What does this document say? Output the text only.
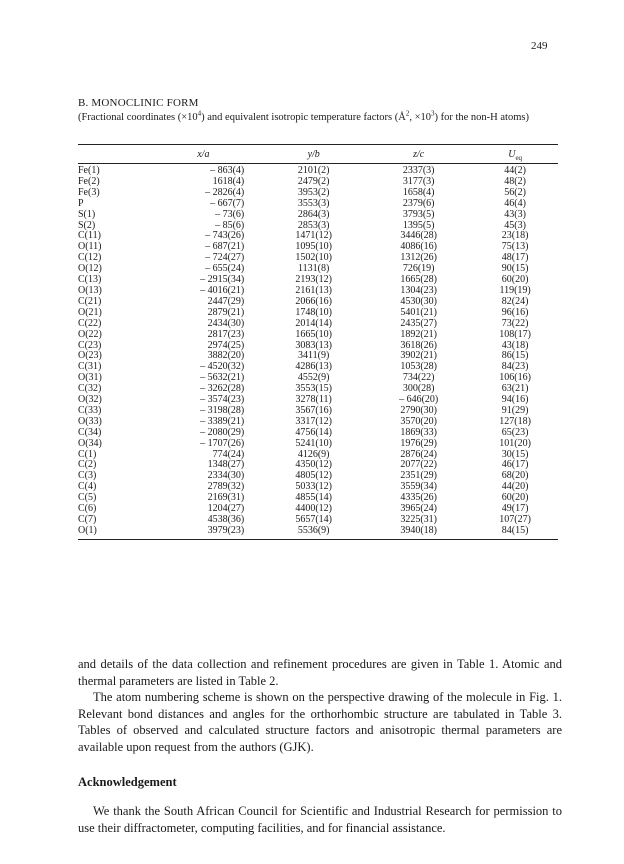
249
B. MONOCLINIC FORM
(Fractional coordinates $(\times 10^4)$ and equivalent isotropic temperature factors ($Å^2$, $\times 10^3$) for the non-H atoms)
	x/a	y/b	z/c	$U_{eq}$
Fe(1)	– 863(4)	2101(2)	2337(3)	44(2)
Fe(2)	1618(4)	2479(2)	3177(3)	48(2)
Fe(3)	– 2826(4)	3953(2)	1658(4)	56(2)
P	– 667(7)	3553(3)	2379(6)	46(4)
S(1)	– 73(6)	2864(3)	3793(5)	43(3)
S(2)	– 85(6)	2853(3)	1395(5)	45(3)
C(11)	– 743(26)	1471(12)	3446(28)	23(18)
O(11)	– 687(21)	1095(10)	4086(16)	75(13)
C(12)	– 724(27)	1502(10)	1312(26)	48(17)
O(12)	– 655(24)	1131(8)	726(19)	90(15)
C(13)	– 2915(34)	2193(12)	1665(28)	60(20)
O(13)	– 4016(21)	2161(13)	1304(23)	119(19)
C(21)	2447(29)	2066(16)	4530(30)	82(24)
O(21)	2879(21)	1748(10)	5401(21)	96(16)
C(22)	2434(30)	2014(14)	2435(27)	73(22)
O(22)	2817(23)	1665(10)	1892(21)	108(17)
C(23)	2974(25)	3083(13)	3618(26)	43(18)
O(23)	3882(20)	3411(9)	3902(21)	86(15)
C(31)	– 4520(32)	4286(13)	1053(28)	84(23)
O(31)	– 5632(21)	4552(9)	734(22)	106(16)
C(32)	– 3262(28)	3553(15)	300(28)	63(21)
O(32)	– 3574(23)	3278(11)	– 646(20)	94(16)
C(33)	– 3198(28)	3567(16)	2790(30)	91(29)
O(33)	– 3389(21)	3317(12)	3570(20)	127(18)
C(34)	– 2080(29)	4756(14)	1869(33)	65(23)
O(34)	– 1707(26)	5241(10)	1976(29)	101(20)
C(1)	774(24)	4126(9)	2876(24)	30(15)
C(2)	1348(27)	4350(12)	2077(22)	46(17)
C(3)	2334(30)	4805(12)	2351(29)	68(20)
C(4)	2789(32)	5033(12)	3559(34)	44(20)
C(5)	2169(31)	4855(14)	4335(26)	60(20)
C(6)	1204(27)	4400(12)	3965(24)	49(17)
C(7)	4538(36)	5657(14)	3225(31)	107(27)
O(1)	3979(23)	5536(9)	3940(18)	84(15)
and details of the data collection and refinement procedures are given in Table 1. Atomic and thermal parameters are listed in Table 2.
The atom numbering scheme is shown on the perspective drawing of the molecule in Fig. 1. Relevant bond distances and angles for the orthorhombic structure are tabulated in Table 3. Tables of observed and calculated structure factors and anisotropic thermal parameters are available upon request from the authors (GJK).
Acknowledgement
We thank the South African Council for Scientific and Industrial Research for permission to use their diffractometer, computing facilities, and for financial assistance.
